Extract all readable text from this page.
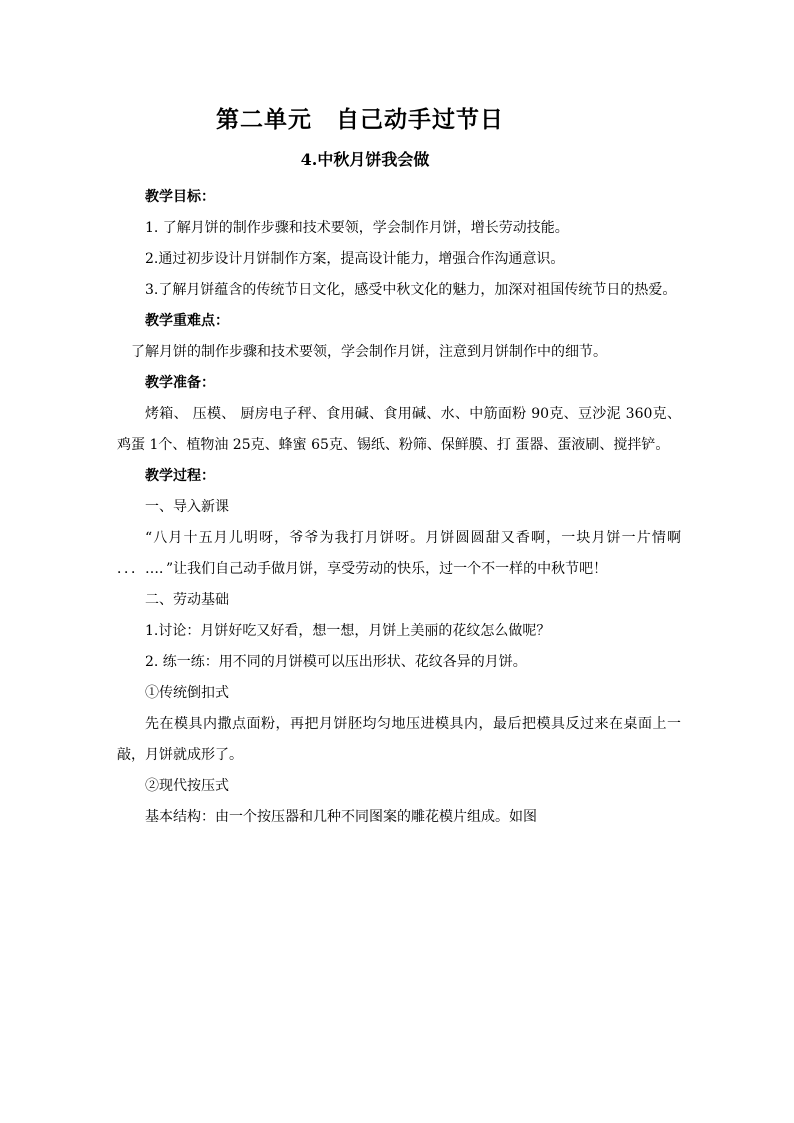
第二单元　自己动手过节日
4.中秋月饼我会做

教学目标：

1. 了解月饼的制作步骤和技术要领，学会制作月饼，增长劳动技能。

2.通过初步设计月饼制作方案，提高设计能力，增强合作沟通意识。

3.了解月饼蕴含的传统节日文化，感受中秋文化的魅力，加深对祖国传统节日的热爱。

教学重难点：

了解月饼的制作步骤和技术要领，学会制作月饼，注意到月饼制作中的细节。

教学准备：

烤箱、 压模、 厨房电子秤、食用碱、食用碱、水、中筋面粉 90克、豆沙泥 360克、鸡蛋 1个、植物油 25克、蜂蜜 65克、锡纸、粉筛、保鲜膜、打 蛋器、蛋液刷、搅拌铲。

教学过程：

一、导入新课

“八月十五月儿明呀，爷爷为我打月饼呀。月饼圆圆甜又香啊，一块月饼一片情啊 ．．．…．”让我们自己动手做月饼，享受劳动的快乐，过一个不一样的中秋节吧！

二、劳动基础

1.讨论：月饼好吃又好看，想一想，月饼上美丽的花纹怎么做呢？

2. 练一练：用不同的月饼模可以压出形状、花纹各异的月饼。

①传统倒扣式

先在模具内撒点面粉，再把月饼胚均匀地压进模具内，最后把模具反过来在桌面上一敲，月饼就成形了。

②现代按压式

基本结构：由一个按压器和几种不同图案的雕花模片组成。如图
